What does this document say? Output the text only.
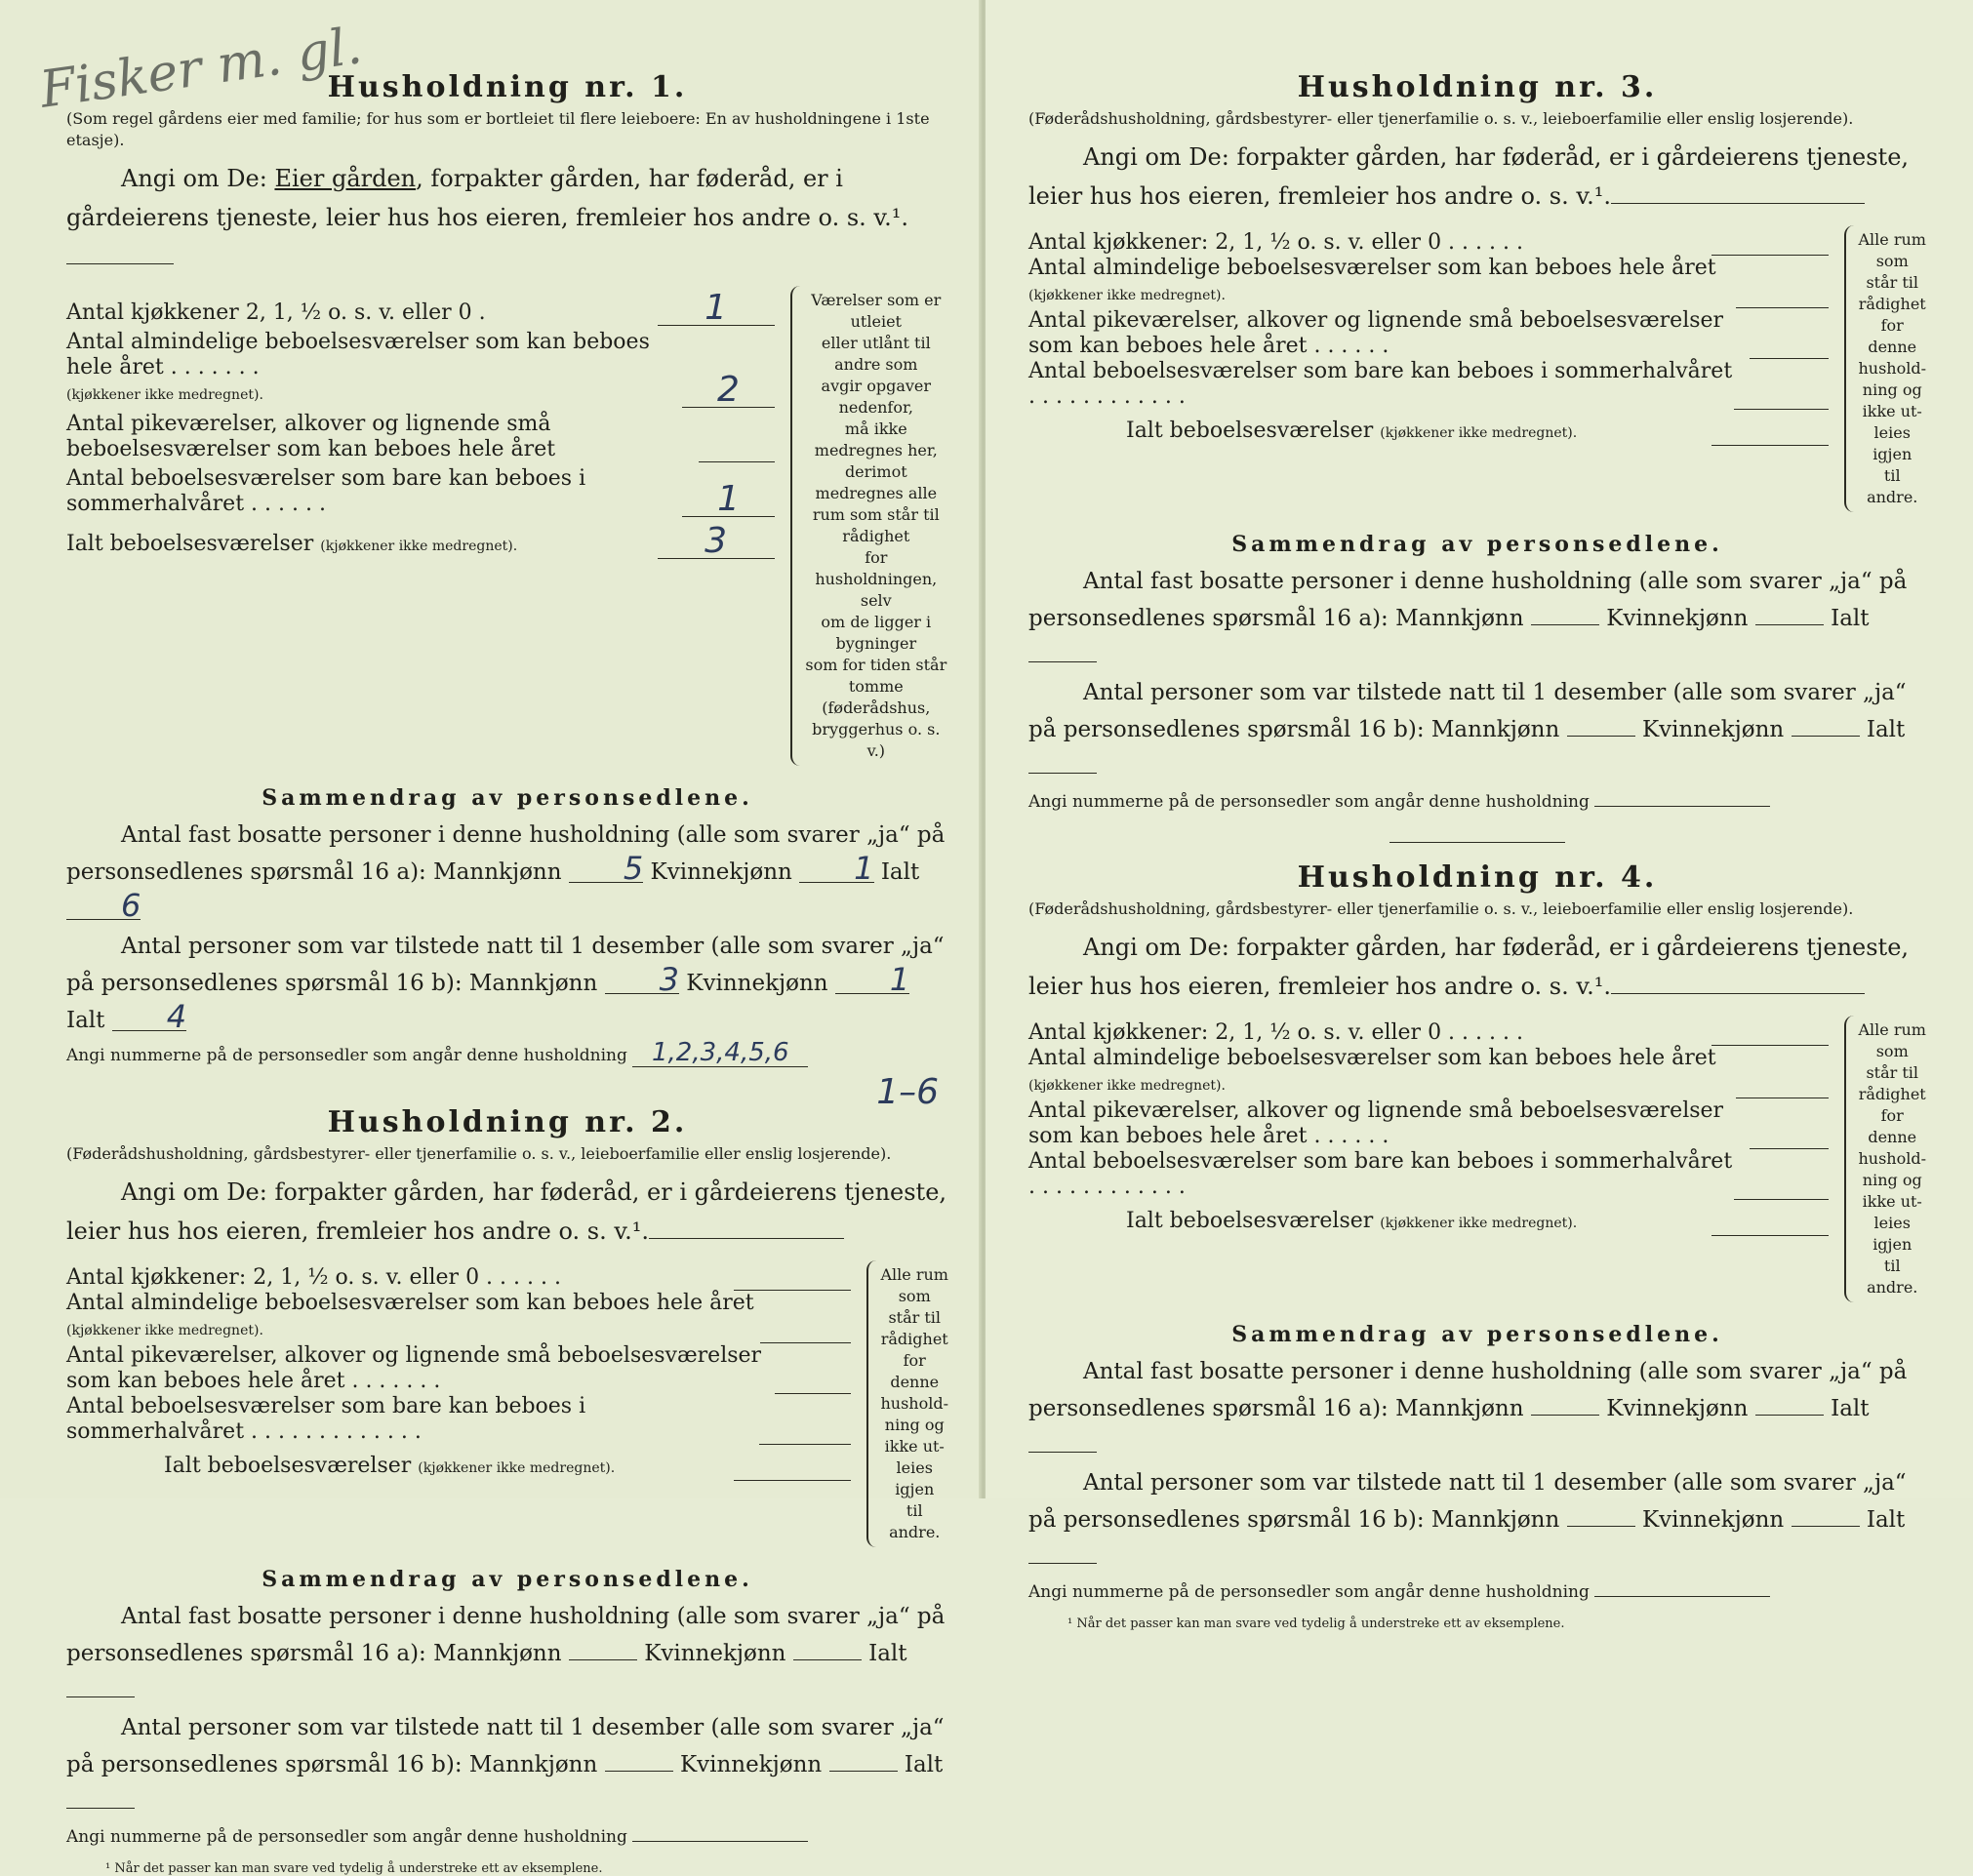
Fisker m. gl.
Husholdning nr. 1.

(Som regel gårdens eier med familie; for hus som er bortleiet til flere leieboere: En av husholdningene i 1ste etasje).

Angi om De: Eier gården, forpakter gården, har føderåd, er i gårdeierens tjeneste, leier hus hos eieren, fremleier hos andre o. s. v.¹.

Antal kjøkkener 2, 1, ½ o. s. v. eller 0 .	1
Antal almindelige beboelsesværelser som kan beboes hele året . . . . . . .
(kjøkkener ikke medregnet).	2
Antal pikeværelser, alkover og lignende små beboelsesværelser som kan beboes hele året
Antal beboelsesværelser som bare kan beboes i sommerhalvåret . . . . . .	1
Ialt beboelsesværelser (kjøkkener ikke medregnet).	3
Værelser som er utleiet
eller utlånt til andre som
avgir opgaver nedenfor,
må ikke medregnes her,
derimot medregnes alle
rum som står til rådighet
for husholdningen, selv
om de ligger i bygninger
som for tiden står
tomme (føderådshus,
bryggerhus o. s. v.)
Sammendrag av personsedlene.

Antal fast bosatte personer i denne husholdning (alle som svarer „ja“ på personsedlenes spørsmål 16 a): Mannkjønn 5 Kvinnekjønn 1 Ialt 6

Antal personer som var tilstede natt til 1 desember (alle som svarer „ja“ på personsedlenes spørsmål 16 b): Mannkjønn 3 Kvinnekjønn 1 Ialt 4

Angi nummerne på de personsedler som angår denne husholdning 1,2,3,4,5,6
1–6
Husholdning nr. 2.

(Føderådshusholdning, gårdsbestyrer- eller tjenerfamilie o. s. v., leieboerfamilie eller enslig losjerende).

Angi om De: forpakter gården, har føderåd, er i gårdeierens tjeneste, leier hus hos eieren, fremleier hos andre o. s. v.¹.

Antal kjøkkener: 2, 1, ½ o. s. v. eller 0 . . . . . .
Antal almindelige beboelsesværelser som kan beboes hele året (kjøkkener ikke medregnet).
Antal pikeværelser, alkover og lignende små beboelsesværelser som kan beboes hele året . . . . . . .
Antal beboelsesværelser som bare kan beboes i sommerhalvåret . . . . . . . . . . . . .
Ialt beboelsesværelser (kjøkkener ikke medregnet).
Alle rum
som står til
rådighet
for denne
hushold-
ning og
ikke ut-
leies igjen
til andre.
Sammendrag av personsedlene.

Antal fast bosatte personer i denne husholdning (alle som svarer „ja“ på personsedlenes spørsmål 16 a): Mannkjønn	Kvinnekjønn	Ialt

Antal personer som var tilstede natt til 1 desember (alle som svarer „ja“ på personsedlenes spørsmål 16 b): Mannkjønn	Kvinnekjønn	Ialt

Angi nummerne på de personsedler som angår denne husholdning
¹ Når det passer kan man svare ved tydelig å understreke ett av eksemplene.
Husholdning nr. 3.

(Føderådshusholdning, gårdsbestyrer- eller tjenerfamilie o. s. v., leieboerfamilie eller enslig losjerende).

Angi om De: forpakter gården, har føderåd, er i gårdeierens tjeneste, leier hus hos eieren, fremleier hos andre o. s. v.¹.

Antal kjøkkener: 2, 1, ½ o. s. v. eller 0 . . . . . .
Antal almindelige beboelsesværelser som kan beboes hele året (kjøkkener ikke medregnet).
Antal pikeværelser, alkover og lignende små beboelsesværelser som kan beboes hele året . . . . . .
Antal beboelsesværelser som bare kan beboes i sommerhalvåret . . . . . . . . . . . .
Ialt beboelsesværelser (kjøkkener ikke medregnet).
Alle rum
som står til
rådighet
for denne
hushold-
ning og
ikke ut-
leies igjen
til andre.
Sammendrag av personsedlene.

Antal fast bosatte personer i denne husholdning (alle som svarer „ja“ på personsedlenes spørsmål 16 a): Mannkjønn	Kvinnekjønn	Ialt

Antal personer som var tilstede natt til 1 desember (alle som svarer „ja“ på personsedlenes spørsmål 16 b): Mannkjønn	Kvinnekjønn	Ialt

Angi nummerne på de personsedler som angår denne husholdning
Husholdning nr. 4.

(Føderådshusholdning, gårdsbestyrer- eller tjenerfamilie o. s. v., leieboerfamilie eller enslig losjerende).

Angi om De: forpakter gården, har føderåd, er i gårdeierens tjeneste, leier hus hos eieren, fremleier hos andre o. s. v.¹.

Antal kjøkkener: 2, 1, ½ o. s. v. eller 0 . . . . . .
Antal almindelige beboelsesværelser som kan beboes hele året (kjøkkener ikke medregnet).
Antal pikeværelser, alkover og lignende små beboelsesværelser som kan beboes hele året . . . . . .
Antal beboelsesværelser som bare kan beboes i sommerhalvåret . . . . . . . . . . . .
Ialt beboelsesværelser (kjøkkener ikke medregnet).
Alle rum
som står til
rådighet
for denne
hushold-
ning og
ikke ut-
leies igjen
til andre.
Sammendrag av personsedlene.

Antal fast bosatte personer i denne husholdning (alle som svarer „ja“ på personsedlenes spørsmål 16 a): Mannkjønn	Kvinnekjønn	Ialt

Antal personer som var tilstede natt til 1 desember (alle som svarer „ja“ på personsedlenes spørsmål 16 b): Mannkjønn	Kvinnekjønn	Ialt

Angi nummerne på de personsedler som angår denne husholdning
¹ Når det passer kan man svare ved tydelig å understreke ett av eksemplene.
